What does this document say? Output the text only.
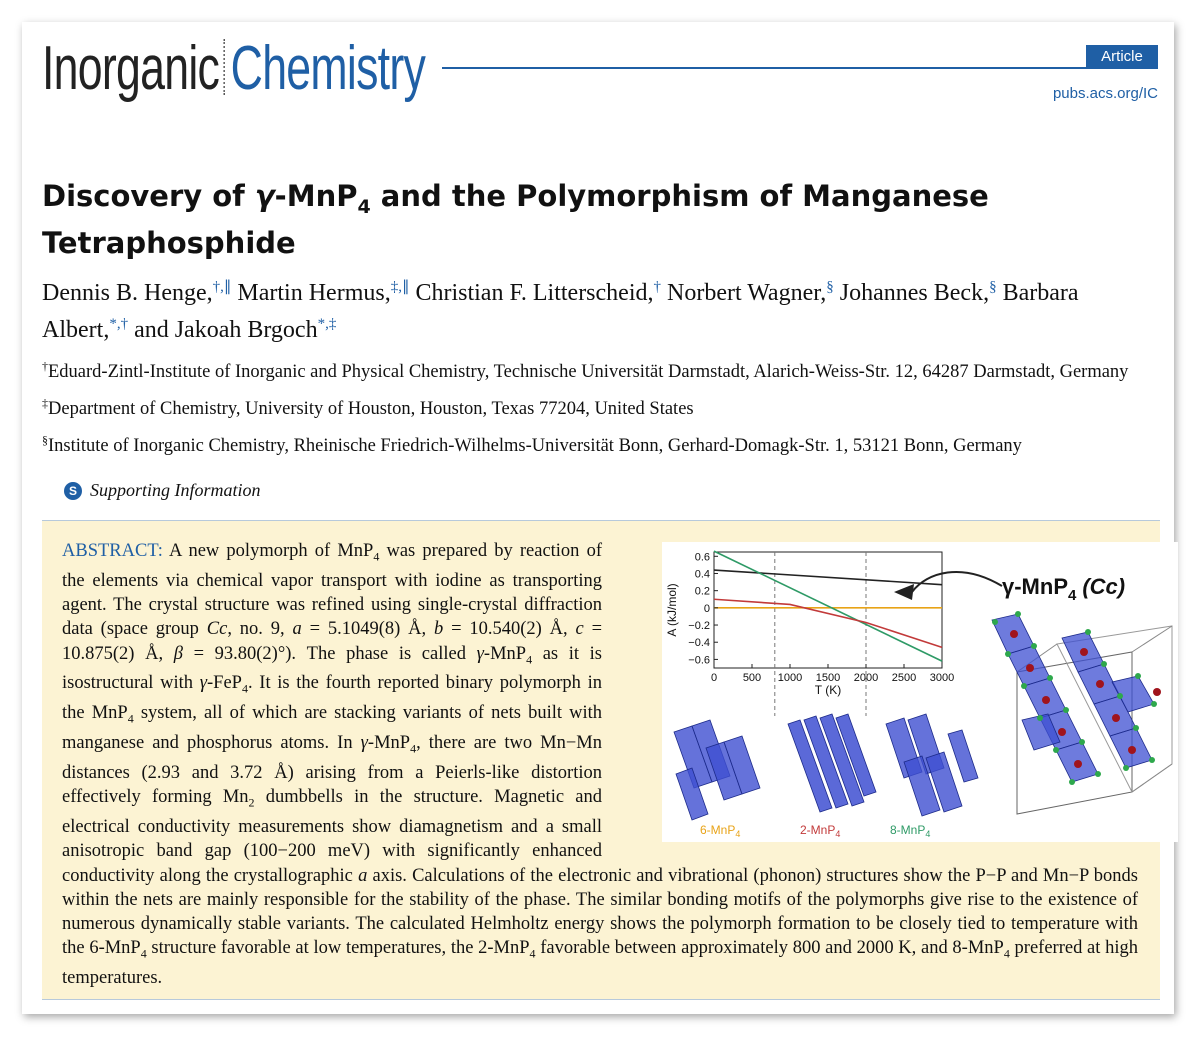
Inorganic Chemistry	Article
pubs.acs.org/IC
Discovery of γ-MnP$_4$ and the Polymorphism of Manganese Tetraphosphide
Dennis B. Henge,†,∥ Martin Hermus,‡,∥ Christian F. Litterscheid,† Norbert Wagner,§ Johannes Beck,§ Barbara Albert,*,† and Jakoah Brgoch*,‡
†Eduard-Zintl-Institute of Inorganic and Physical Chemistry, Technische Universität Darmstadt, Alarich-Weiss-Str. 12, 64287 Darmstadt, Germany
‡Department of Chemistry, University of Houston, Houston, Texas 77204, United States
§Institute of Inorganic Chemistry, Rheinische Friedrich-Wilhelms-Universität Bonn, Gerhard-Domagk-Str. 1, 53121 Bonn, Germany
S Supporting Information
ABSTRACT: A new polymorph of MnP$_4$ was prepared by reaction of the elements via chemical vapor transport with iodine as transporting agent. The crystal structure was refined using single-crystal diffraction data (space group Cc, no. 9, a = 5.1049(8) Å, b = 10.540(2) Å, c = 10.875(2) Å, β = 93.80(2)°). The phase is called γ-MnP$_4$ as it is isostructural with γ-FeP$_4$. It is the fourth reported binary polymorph in the MnP$_4$ system, all of which are stacking variants of nets built with manganese and phosphorus atoms. In γ-MnP$_4$, there are two Mn−Mn distances (2.93 and 3.72 Å) arising from a Peierls-like distortion effectively forming $Mn_2$ dumbbells in the structure. Magnetic and electrical conductivity measurements show diamagnetism and a small anisotropic band gap (100−200 meV) with significantly enhanced conductivity along the crystallographic a axis. Calculations of the electronic and vibrational (phonon) structures show the P−P and Mn−P bonds within the nets are mainly responsible for the stability of the phase. The similar bonding motifs of the polymorphs give rise to the existence of numerous dynamically stable variants. The calculated Helmholtz energy shows the polymorph formation to be closely tied to temperature with the 6-MnP$_4$ structure favorable at low temperatures, the 2-MnP$_4$ favorable between approximately 800 and 2000 K, and 8-MnP$_4$ preferred at high temperatures.
0 500 1000 1500 2000 2500 3000
0.6
0.4
0.2
0
−0.2
−0.4
−0.6
T (K)
A (kJ/mol)	γ-MnP$_4$ (Cc)
6-MnP$_4$	2-MnP$_4$	8-MnP$_4$
